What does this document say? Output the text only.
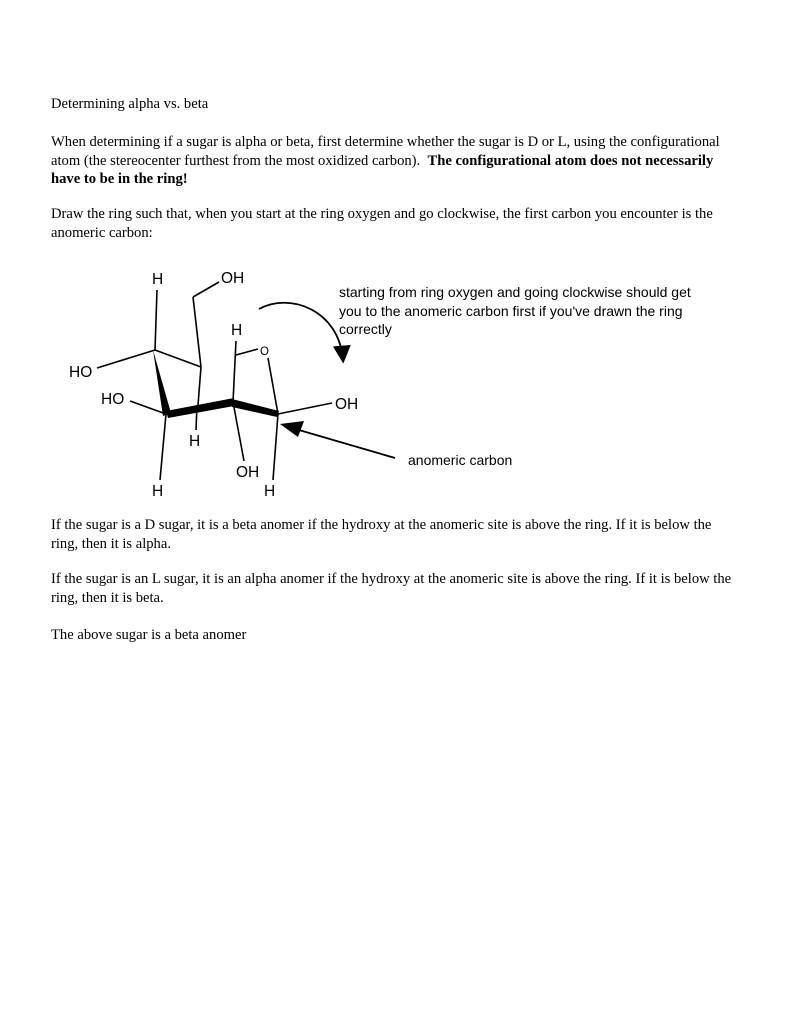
Determining alpha vs. beta

When determining if a sugar is alpha or beta, first determine whether the sugar is D or L, using the configurational atom (the stereocenter furthest from the most oxidized carbon). The configurational atom does not necessarily have to be in the ring!

Draw the ring such that, when you start at the ring oxygen and go clockwise, the first carbon you encounter is the anomeric carbon:

H	OH
H
O
HO
HO	OH
H
OH
H	H
starting from ring oxygen and going clockwise should get
you to the anomeric carbon first if you've drawn the ring
correctly
anomeric carbon

If the sugar is a D sugar, it is a beta anomer if the hydroxy at the anomeric site is above the ring. If it is below the ring, then it is alpha.

If the sugar is an L sugar, it is an alpha anomer if the hydroxy at the anomeric site is above the ring. If it is below the ring, then it is beta.

The above sugar is a beta anomer
